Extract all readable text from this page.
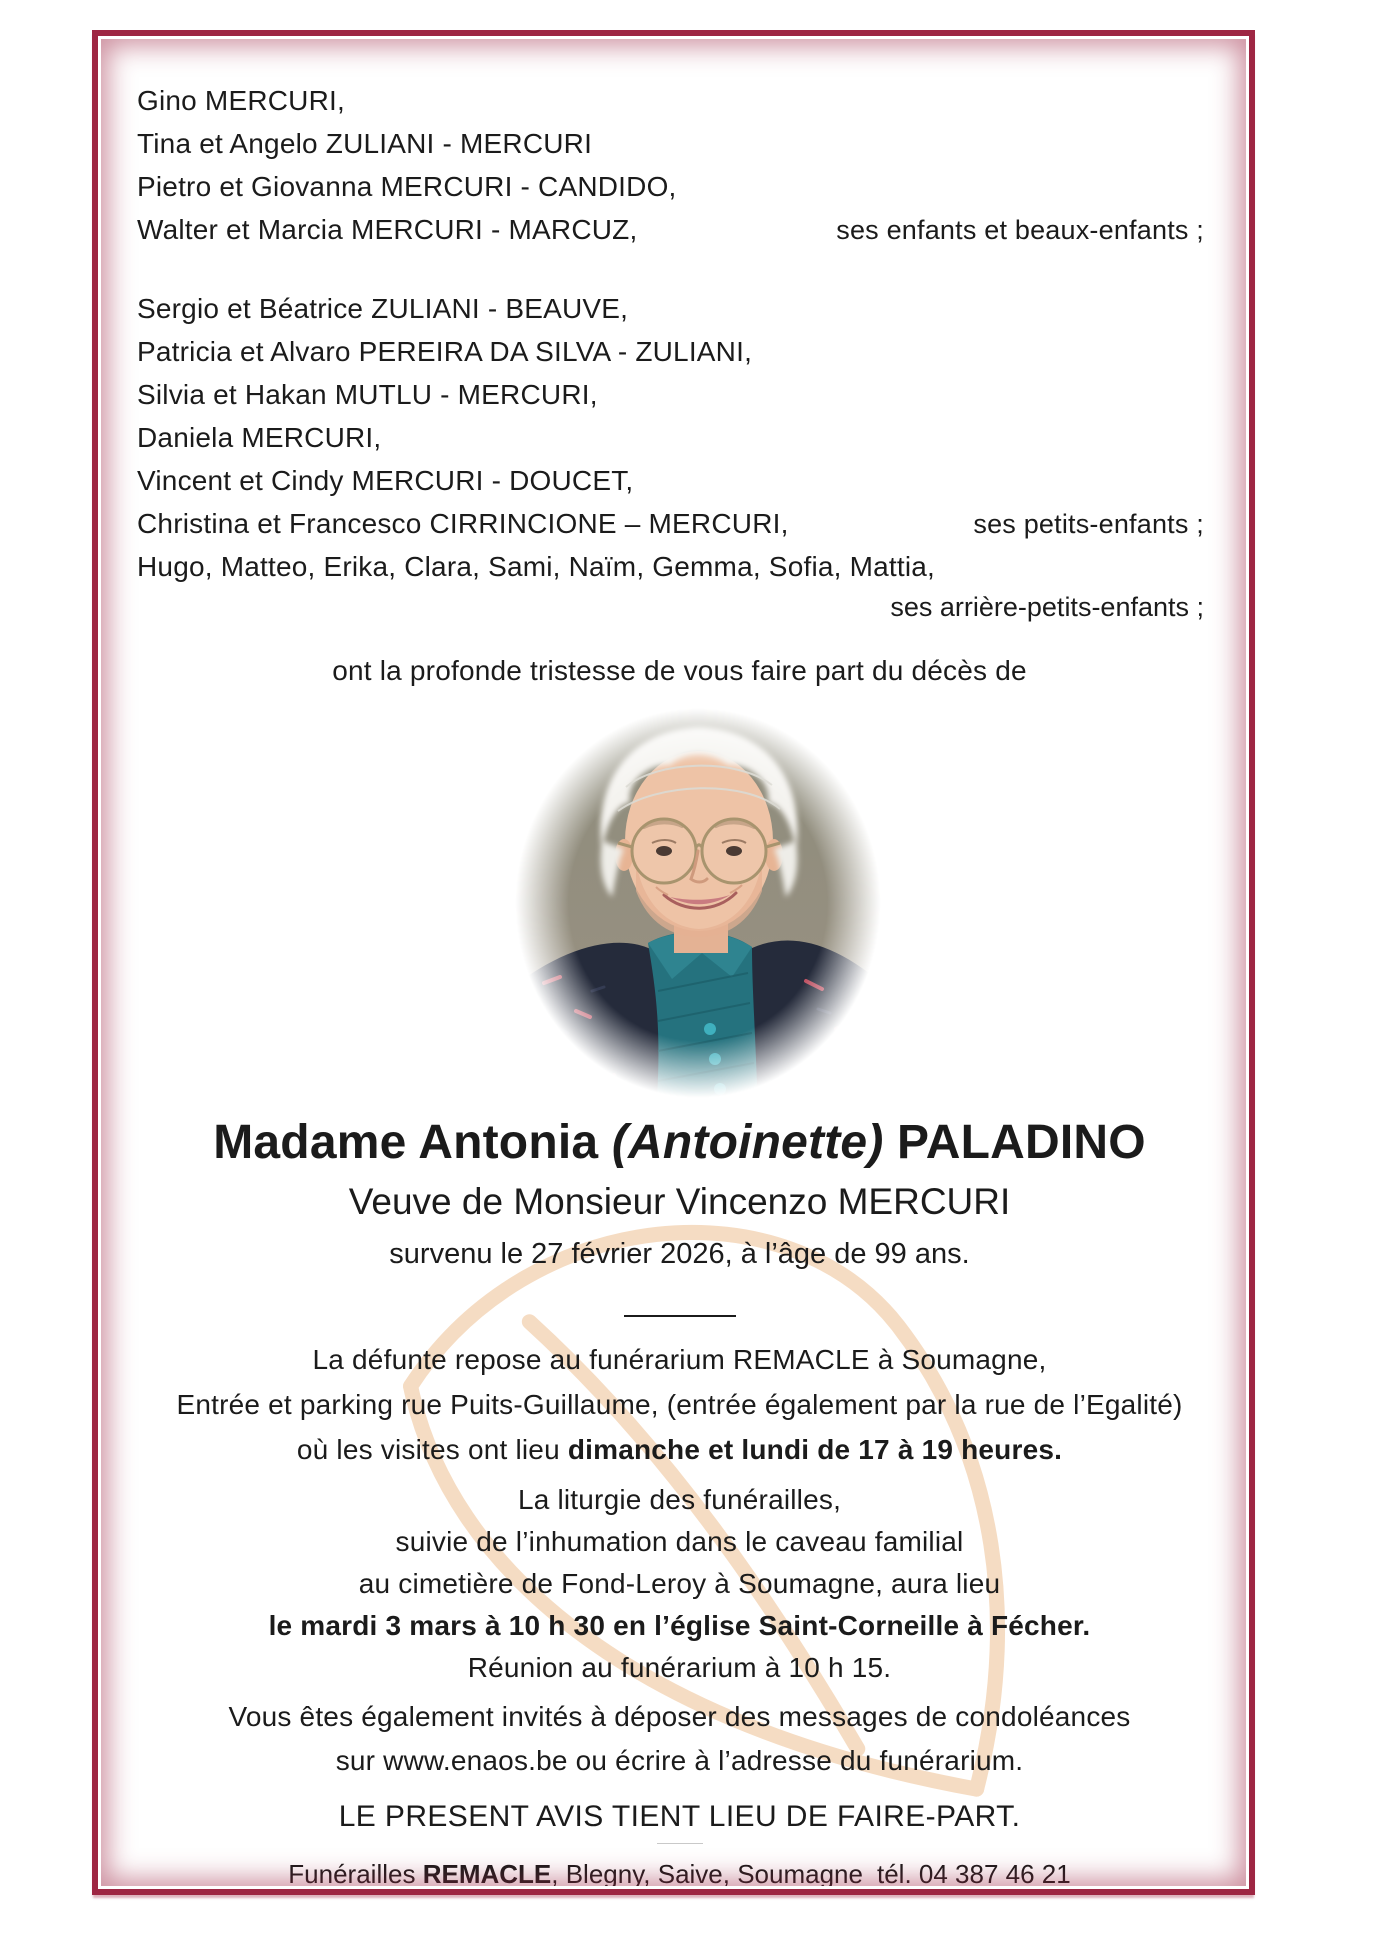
Gino MERCURI,
Tina et Angelo ZULIANI - MERCURI
Pietro et Giovanna MERCURI - CANDIDO,
Walter et Marcia MERCURI - MARCUZ,	ses enfants et beaux-enfants ;
Sergio et Béatrice ZULIANI - BEAUVE,
Patricia et Alvaro PEREIRA DA SILVA - ZULIANI,
Silvia et Hakan MUTLU - MERCURI,
Daniela MERCURI,
Vincent et Cindy MERCURI - DOUCET,
Christina et Francesco CIRRINCIONE – MERCURI,	ses petits-enfants ;
Hugo, Matteo, Erika, Clara, Sami, Naïm, Gemma, Sofia, Mattia,
ses arrière-petits-enfants ;
ont la profonde tristesse de vous faire part du décès de
Madame Antonia (Antoinette) PALADINO
Veuve de Monsieur Vincenzo MERCURI
survenu le 27 février 2026, à l’âge de 99 ans.
La défunte repose au funérarium REMACLE à Soumagne,
Entrée et parking rue Puits-Guillaume, (entrée également par la rue de l’Egalité)
où les visites ont lieu dimanche et lundi de 17 à 19 heures.
La liturgie des funérailles,
suivie de l’inhumation dans le caveau familial
au cimetière de Fond-Leroy à Soumagne, aura lieu
le mardi 3 mars à 10 h 30 en l’église Saint-Corneille à Fécher.
Réunion au funérarium à 10 h 15.
Vous êtes également invités à déposer des messages de condoléances
sur www.enaos.be ou écrire à l’adresse du funérarium.
LE PRESENT AVIS TIENT LIEU DE FAIRE-PART.
Funérailles REMACLE, Blegny, Saive, Soumagne tél. 04 387 46 21
